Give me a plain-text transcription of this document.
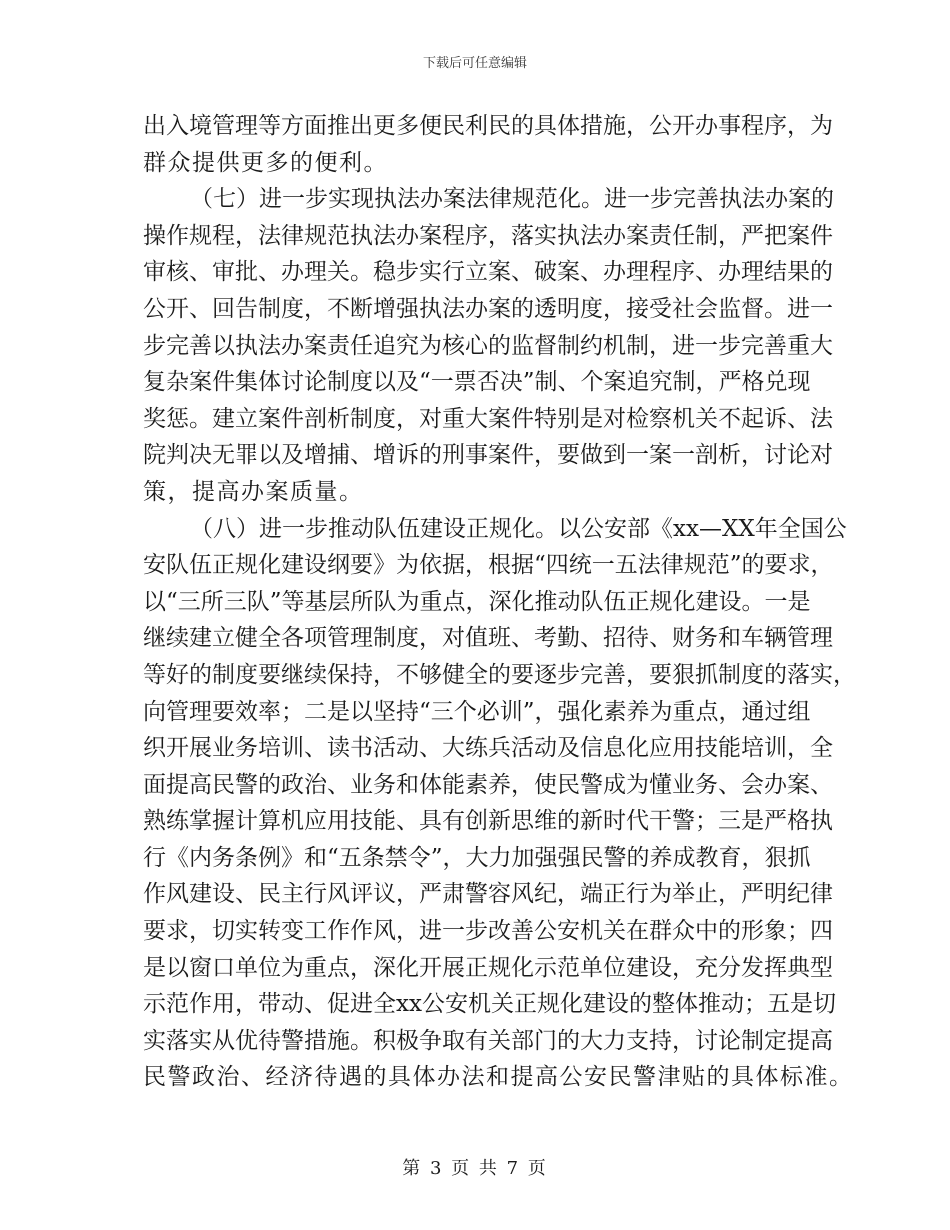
下载后可任意编辑
出入境管理等方面推出更多便民利民的具体措施，公开办事程序，为
群众提供更多的便利。
（七）进一步实现执法办案法律规范化。进一步完善执法办案的
操作规程，法律规范执法办案程序，落实执法办案责任制，严把案件
审核、审批、办理关。稳步实行立案、破案、办理程序、办理结果的
公开、回告制度，不断增强执法办案的透明度，接受社会监督。进一
步完善以执法办案责任追究为核心的监督制约机制，进一步完善重大
复杂案件集体讨论制度以及“一票否决”制、个案追究制，严格兑现
奖惩。建立案件剖析制度，对重大案件特别是对检察机关不起诉、法
院判决无罪以及增捕、增诉的刑事案件，要做到一案一剖析，讨论对
策，提高办案质量。
（八）进一步推动队伍建设正规化。以公安部《xx—XX年全国公
安队伍正规化建设纲要》为依据，根据“四统一五法律规范”的要求，
以“三所三队”等基层所队为重点，深化推动队伍正规化建设。一是
继续建立健全各项管理制度，对值班、考勤、招待、财务和车辆管理
等好的制度要继续保持，不够健全的要逐步完善，要狠抓制度的落实，
向管理要效率；二是以坚持“三个必训”，强化素养为重点，通过组
织开展业务培训、读书活动、大练兵活动及信息化应用技能培训，全
面提高民警的政治、业务和体能素养，使民警成为懂业务、会办案、
熟练掌握计算机应用技能、具有创新思维的新时代干警；三是严格执
行《内务条例》和“五条禁令”，大力加强强民警的养成教育，狠抓
作风建设、民主行风评议，严肃警容风纪，端正行为举止，严明纪律
要求，切实转变工作作风，进一步改善公安机关在群众中的形象；四
是以窗口单位为重点，深化开展正规化示范单位建设，充分发挥典型
示范作用，带动、促进全xx公安机关正规化建设的整体推动；五是切
实落实从优待警措施。积极争取有关部门的大力支持，讨论制定提高
民警政治、经济待遇的具体办法和提高公安民警津贴的具体标准。
第 3 页 共 7 页
